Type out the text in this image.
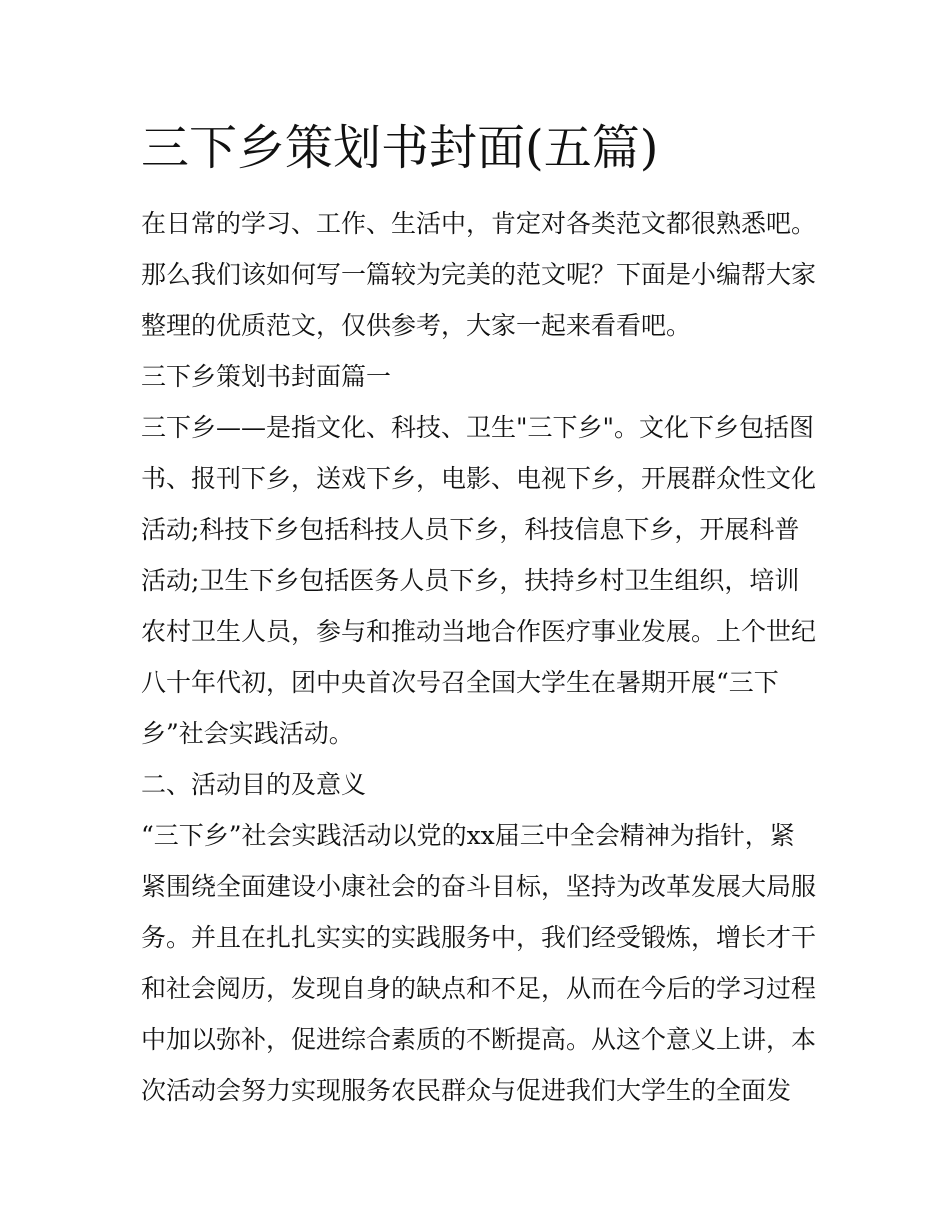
三下乡策划书封面(五篇)
在日常的学习、工作、生活中，肯定对各类范文都很熟悉吧。
那么我们该如何写一篇较为完美的范文呢？下面是小编帮大家
整理的优质范文，仅供参考，大家一起来看看吧。
三下乡策划书封面篇一
三下乡——是指文化、科技、卫生"三下乡"。文化下乡包括图
书、报刊下乡，送戏下乡，电影、电视下乡，开展群众性文化
活动;科技下乡包括科技人员下乡，科技信息下乡，开展科普
活动;卫生下乡包括医务人员下乡，扶持乡村卫生组织，培训
农村卫生人员，参与和推动当地合作医疗事业发展。上个世纪
八十年代初，团中央首次号召全国大学生在暑期开展“三下
乡”社会实践活动。
二、活动目的及意义
“三下乡”社会实践活动以党的xx届三中全会精神为指针，紧
紧围绕全面建设小康社会的奋斗目标，坚持为改革发展大局服
务。并且在扎扎实实的实践服务中，我们经受锻炼，增长才干
和社会阅历，发现自身的缺点和不足，从而在今后的学习过程
中加以弥补，促进综合素质的不断提高。从这个意义上讲，本
次活动会努力实现服务农民群众与促进我们大学生的全面发
